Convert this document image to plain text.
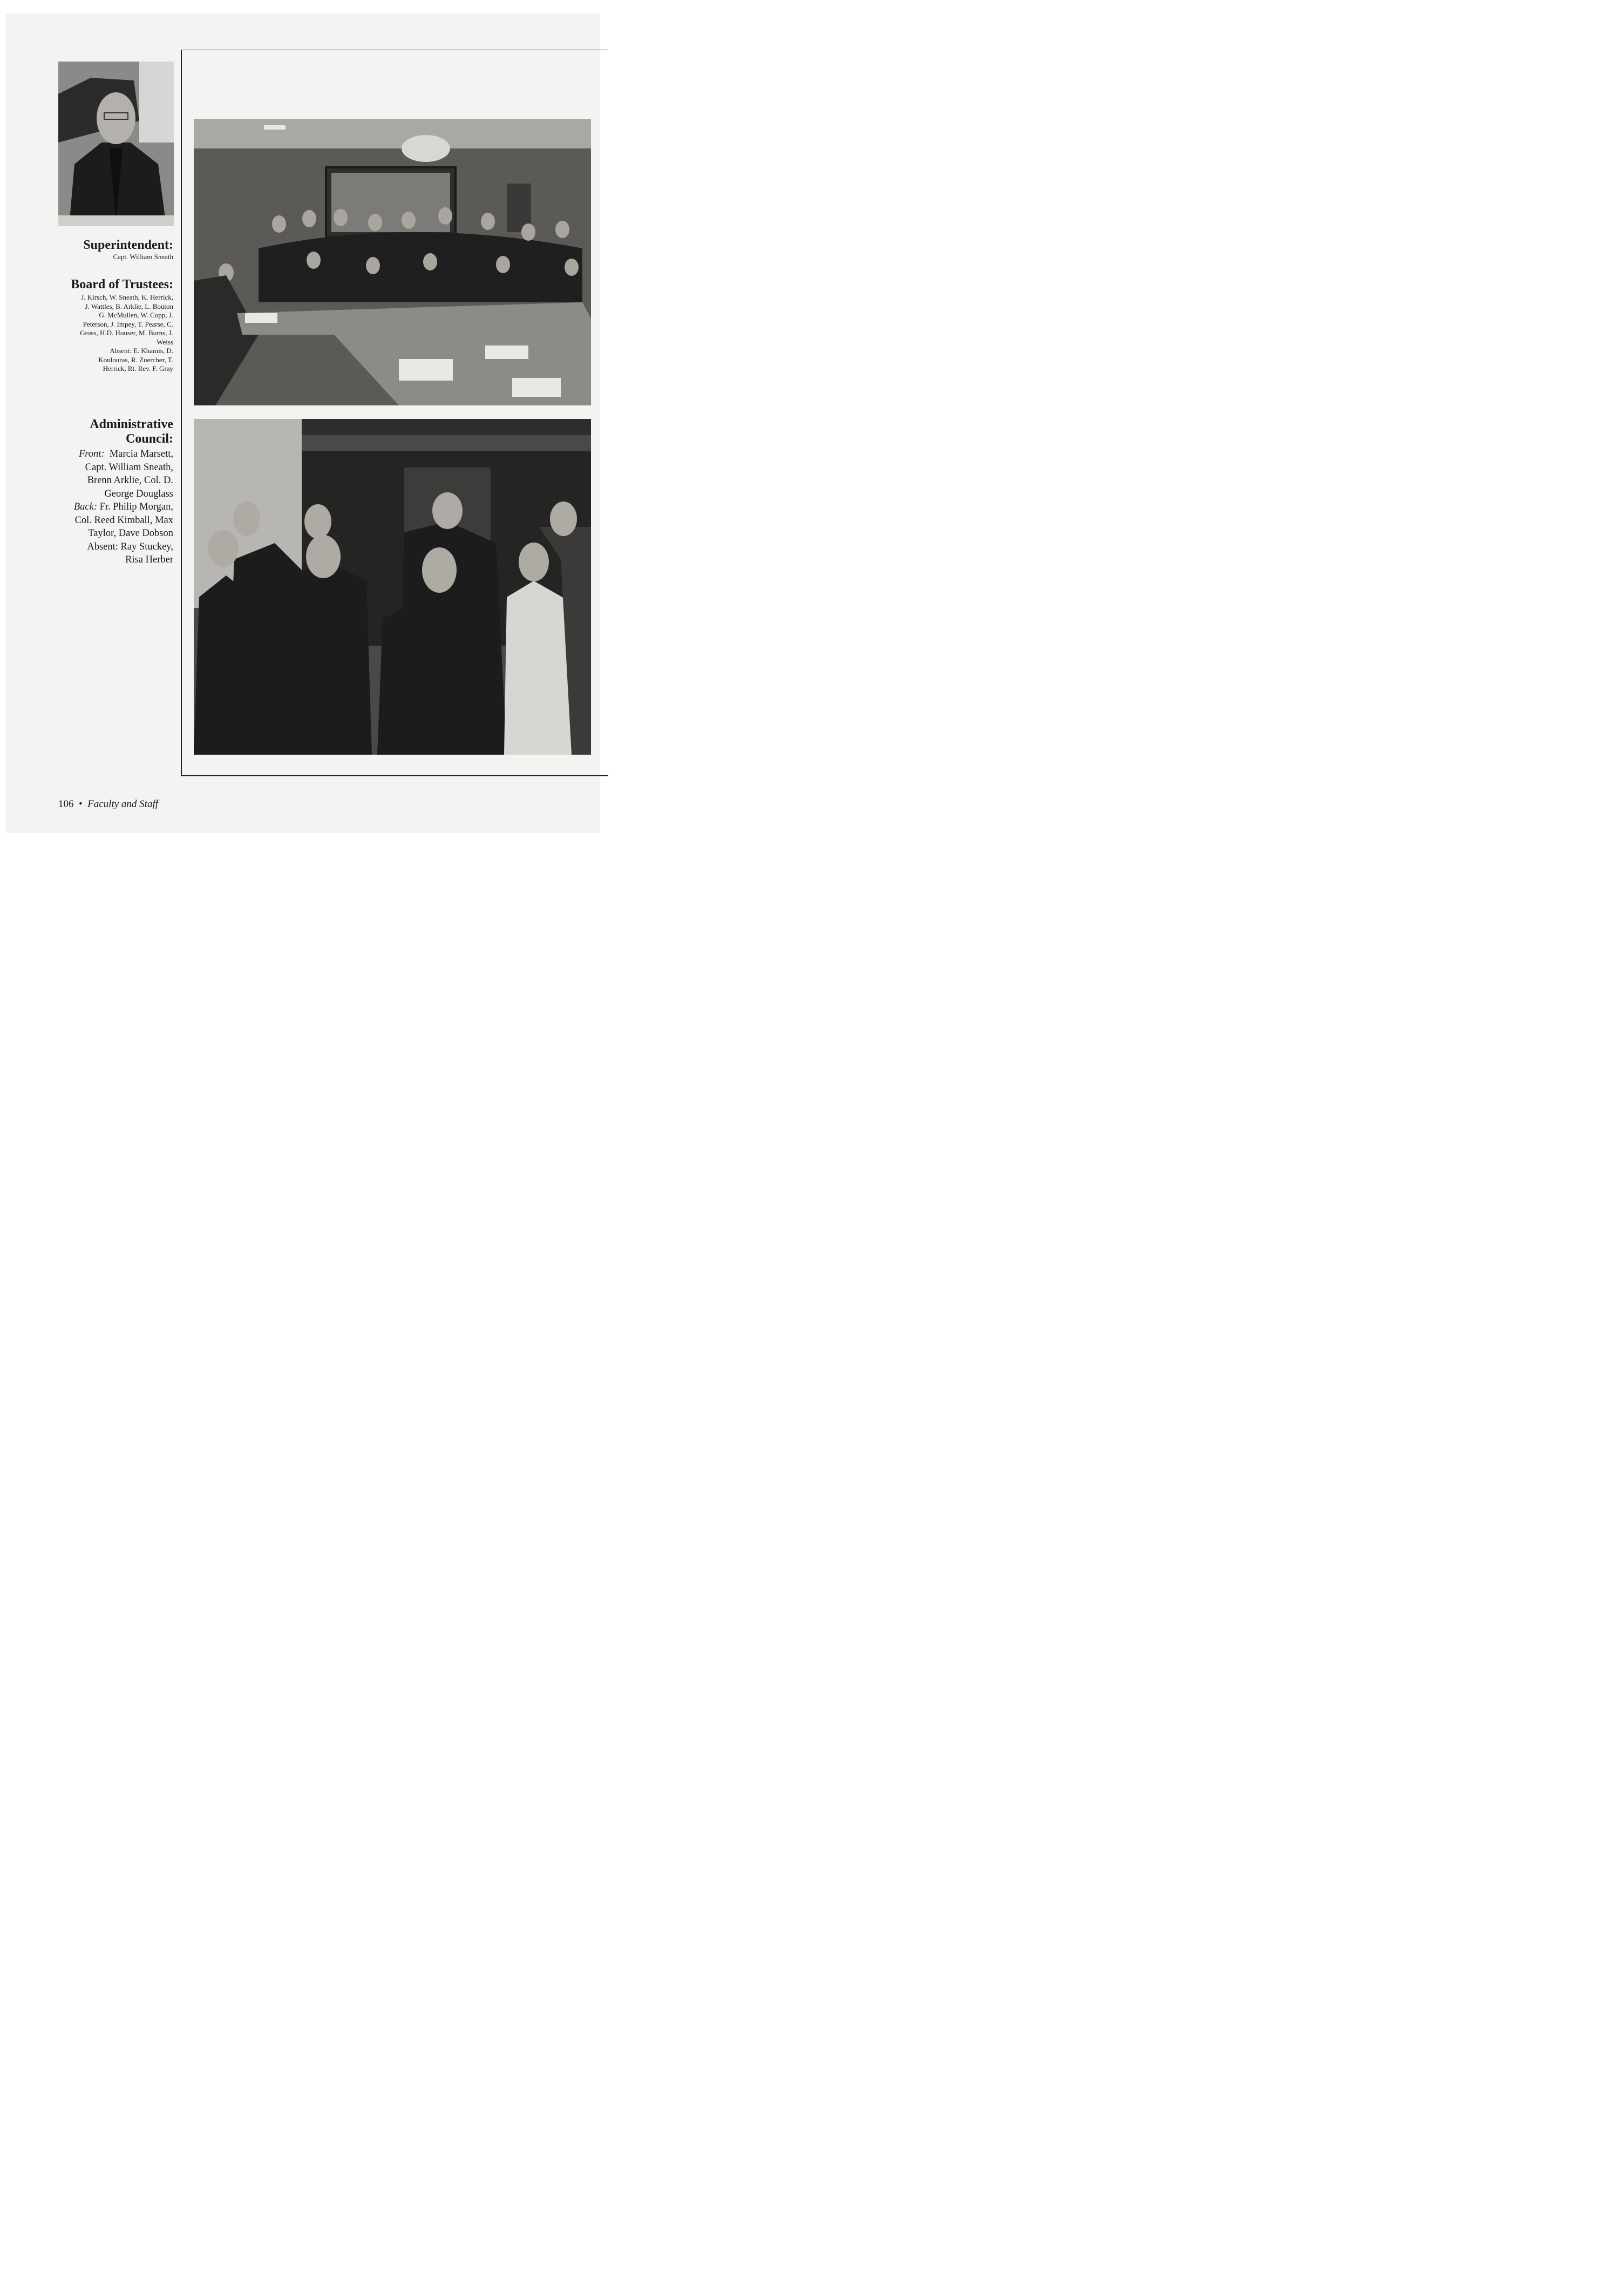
Superintendent:
Capt. William Sneath
Board of Trustees:
J. Kirsch, W. Sneath, K. Herrick,
J. Wattles, B. Arklie, L. Bouton
G. McMullen, W. Copp, J.
Peterson, J. Impey, T. Pearse, C.
Gross, H.D. Houser, M. Burns, J.
Weiss
Absent: E. Khamis, D.
Koulouras, R. Zuercher, T.
Herrick, Rt. Rev. F. Gray
Administrative
Council:
Front: Marcia Marsett,
Capt. William Sneath,
Brenn Arklie, Col. D.
George Douglass
Back: Fr. Philip Morgan,
Col. Reed Kimball, Max
Taylor, Dave Dobson
Absent: Ray Stuckey,
Risa Herber
106 • Faculty and Staff
